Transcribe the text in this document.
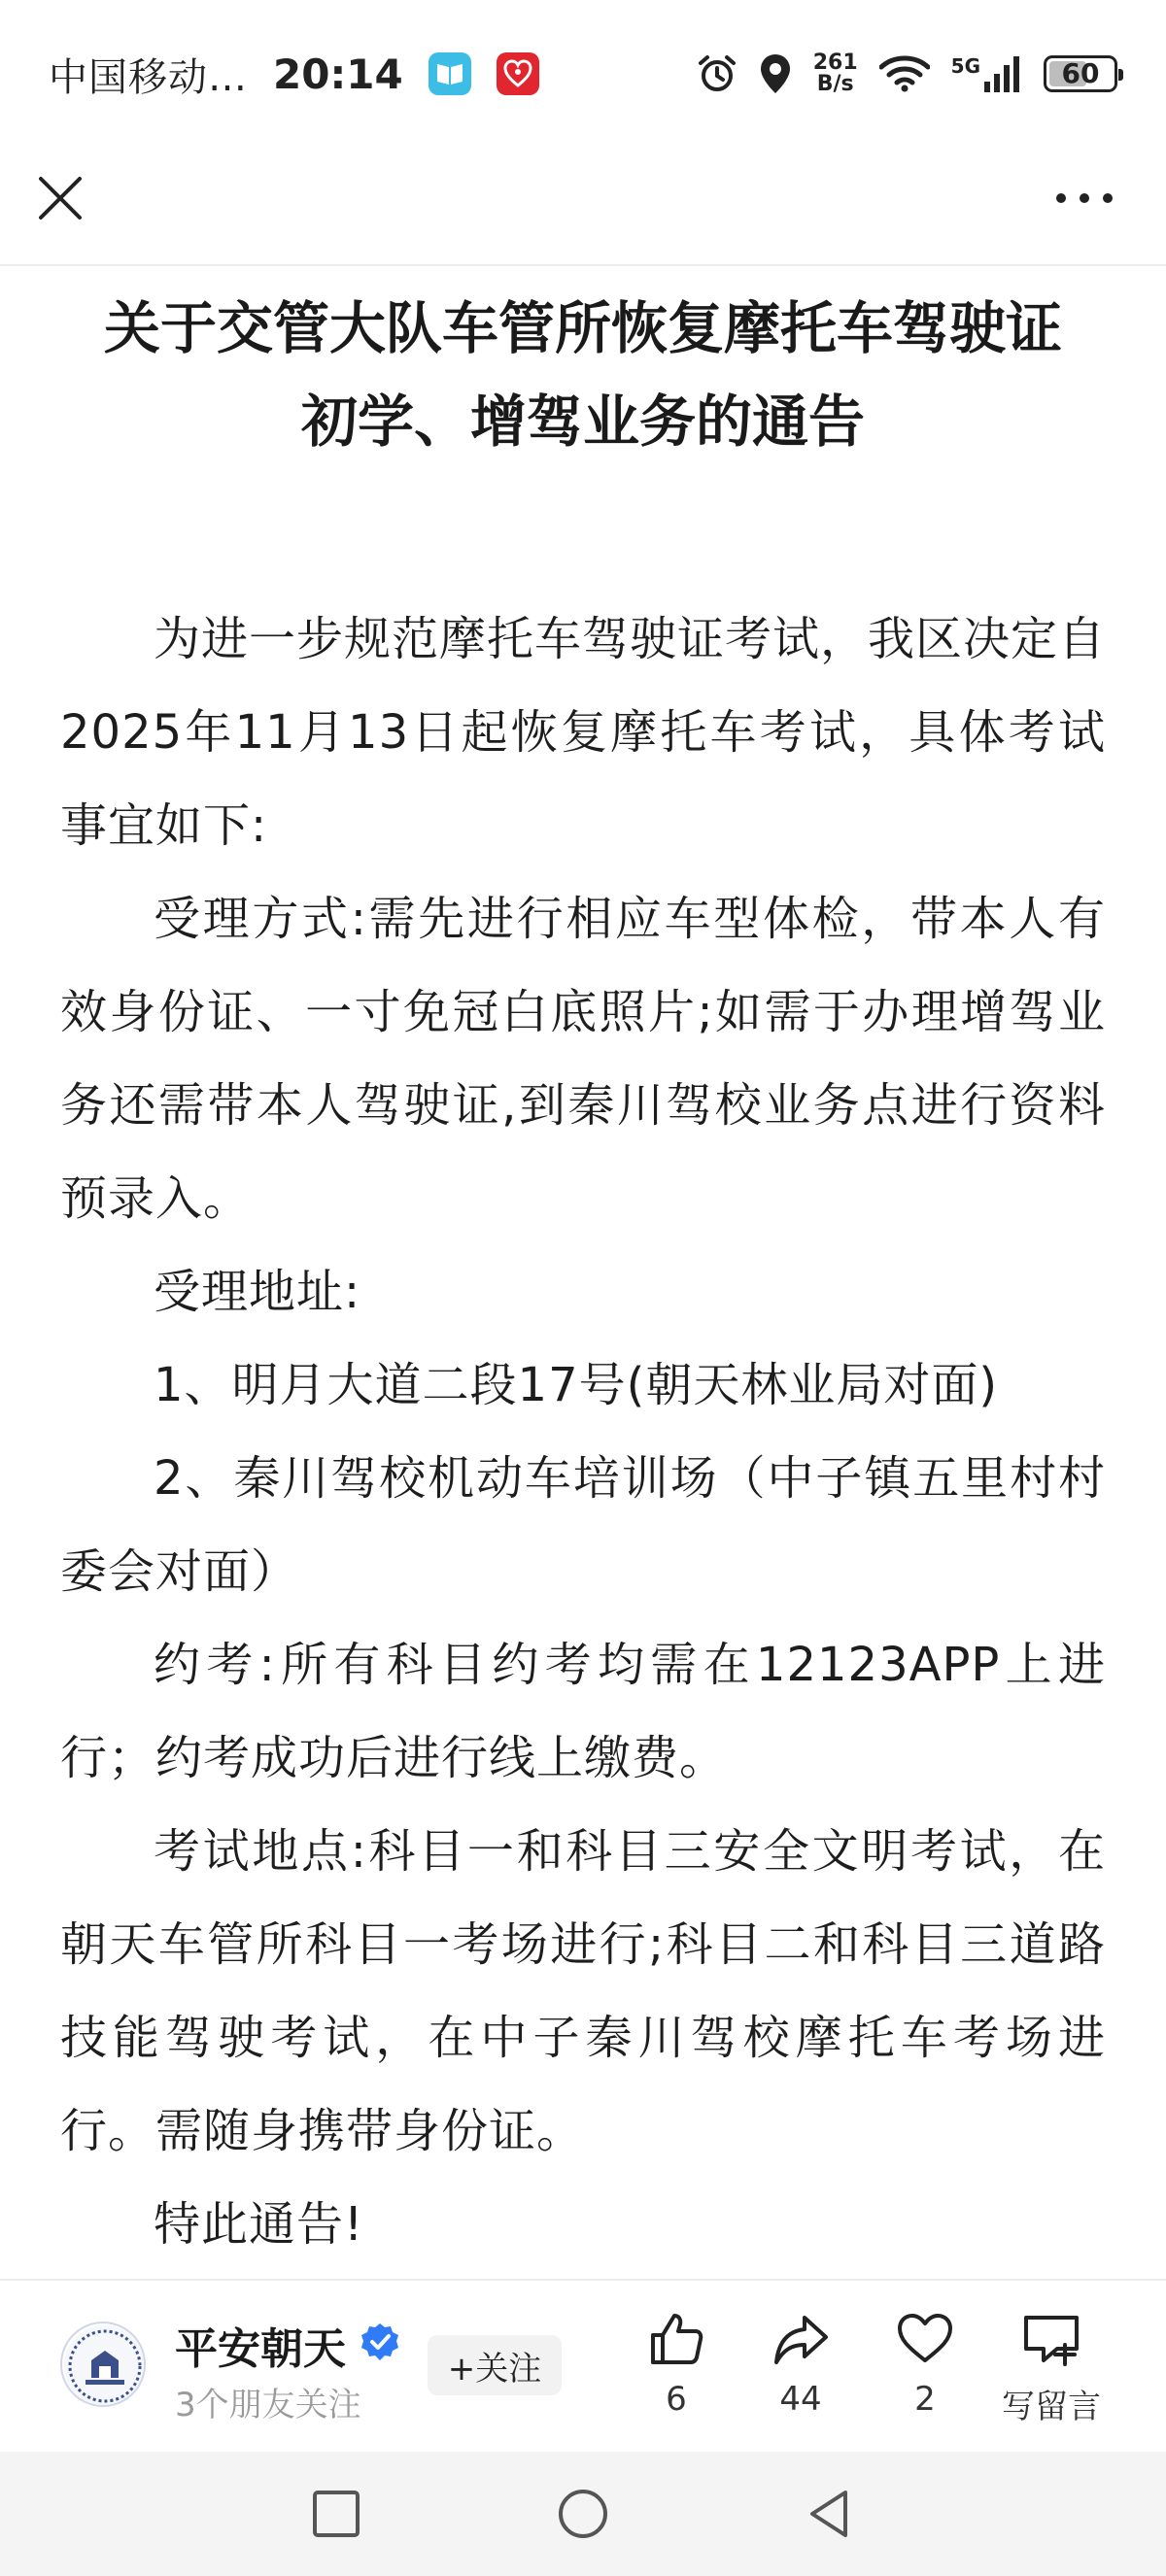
中国移动… 20:14	261
B/s
5G	60
关于交管大队车管所恢复摩托车驾驶证
初学、增驾业务的通告

为进一步规范摩托车驾驶证考试，我区决定自2025年11月13日起恢复摩托车考试，具体考试事宜如下:

受理方式:需先进行相应车型体检，带本人有效身份证、一寸免冠白底照片;如需于办理增驾业务还需带本人驾驶证,到秦川驾校业务点进行资料预录入。

受理地址:

1、明月大道二段17号(朝天林业局对面)

2、秦川驾校机动车培训场（中子镇五里村村委会对面）

约考:所有科目约考均需在12123APP上进行；约考成功后进行线上缴费。

考试地点:科目一和科目三安全文明考试，在朝天车管所科目一考场进行;科目二和科目三道路技能驾驶考试，在中子秦川驾校摩托车考场进行。需随身携带身份证。

特此通告!

平安朝天
3个朋友关注
+关注
6	44	2	写留言
